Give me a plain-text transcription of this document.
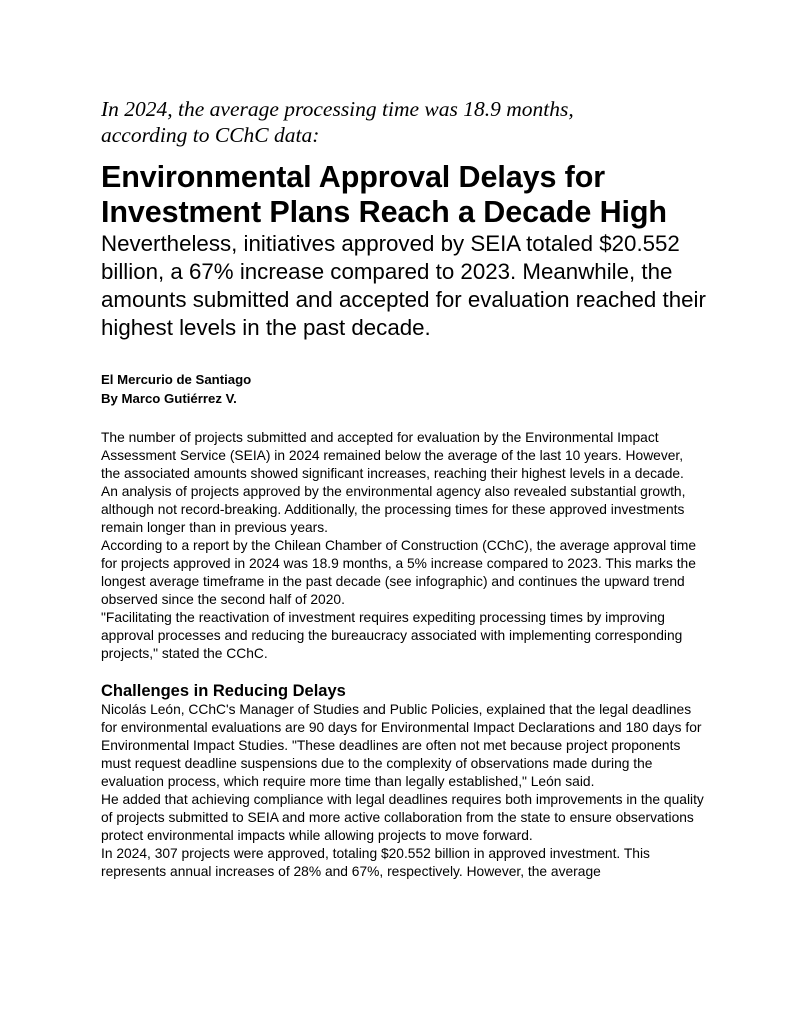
In 2024, the average processing time was 18.9 months,
according to CChC data:
Environmental Approval Delays for Investment Plans Reach a Decade High

Nevertheless, initiatives approved by SEIA totaled $20.552 billion, a 67% increase compared to 2023. Meanwhile, the amounts submitted and accepted for evaluation reached their highest levels in the past decade.

El Mercurio de Santiago
By Marco Gutiérrez V.

The number of projects submitted and accepted for evaluation by the Environmental Impact Assessment Service (SEIA) in 2024 remained below the average of the last 10 years. However, the associated amounts showed significant increases, reaching their highest levels in a decade.

An analysis of projects approved by the environmental agency also revealed substantial growth, although not record-breaking. Additionally, the processing times for these approved investments remain longer than in previous years.

According to a report by the Chilean Chamber of Construction (CChC), the average approval time for projects approved in 2024 was 18.9 months, a 5% increase compared to 2023. This marks the longest average timeframe in the past decade (see infographic) and continues the upward trend observed since the second half of 2020.

"Facilitating the reactivation of investment requires expediting processing times by improving approval processes and reducing the bureaucracy associated with implementing corresponding projects," stated the CChC.

Challenges in Reducing Delays

Nicolás León, CChC's Manager of Studies and Public Policies, explained that the legal deadlines for environmental evaluations are 90 days for Environmental Impact Declarations and 180 days for Environmental Impact Studies. "These deadlines are often not met because project proponents must request deadline suspensions due to the complexity of observations made during the evaluation process, which require more time than legally established," León said.

He added that achieving compliance with legal deadlines requires both improvements in the quality of projects submitted to SEIA and more active collaboration from the state to ensure observations protect environmental impacts while allowing projects to move forward.

In 2024, 307 projects were approved, totaling $20.552 billion in approved investment. This represents annual increases of 28% and 67%, respectively. However, the average
